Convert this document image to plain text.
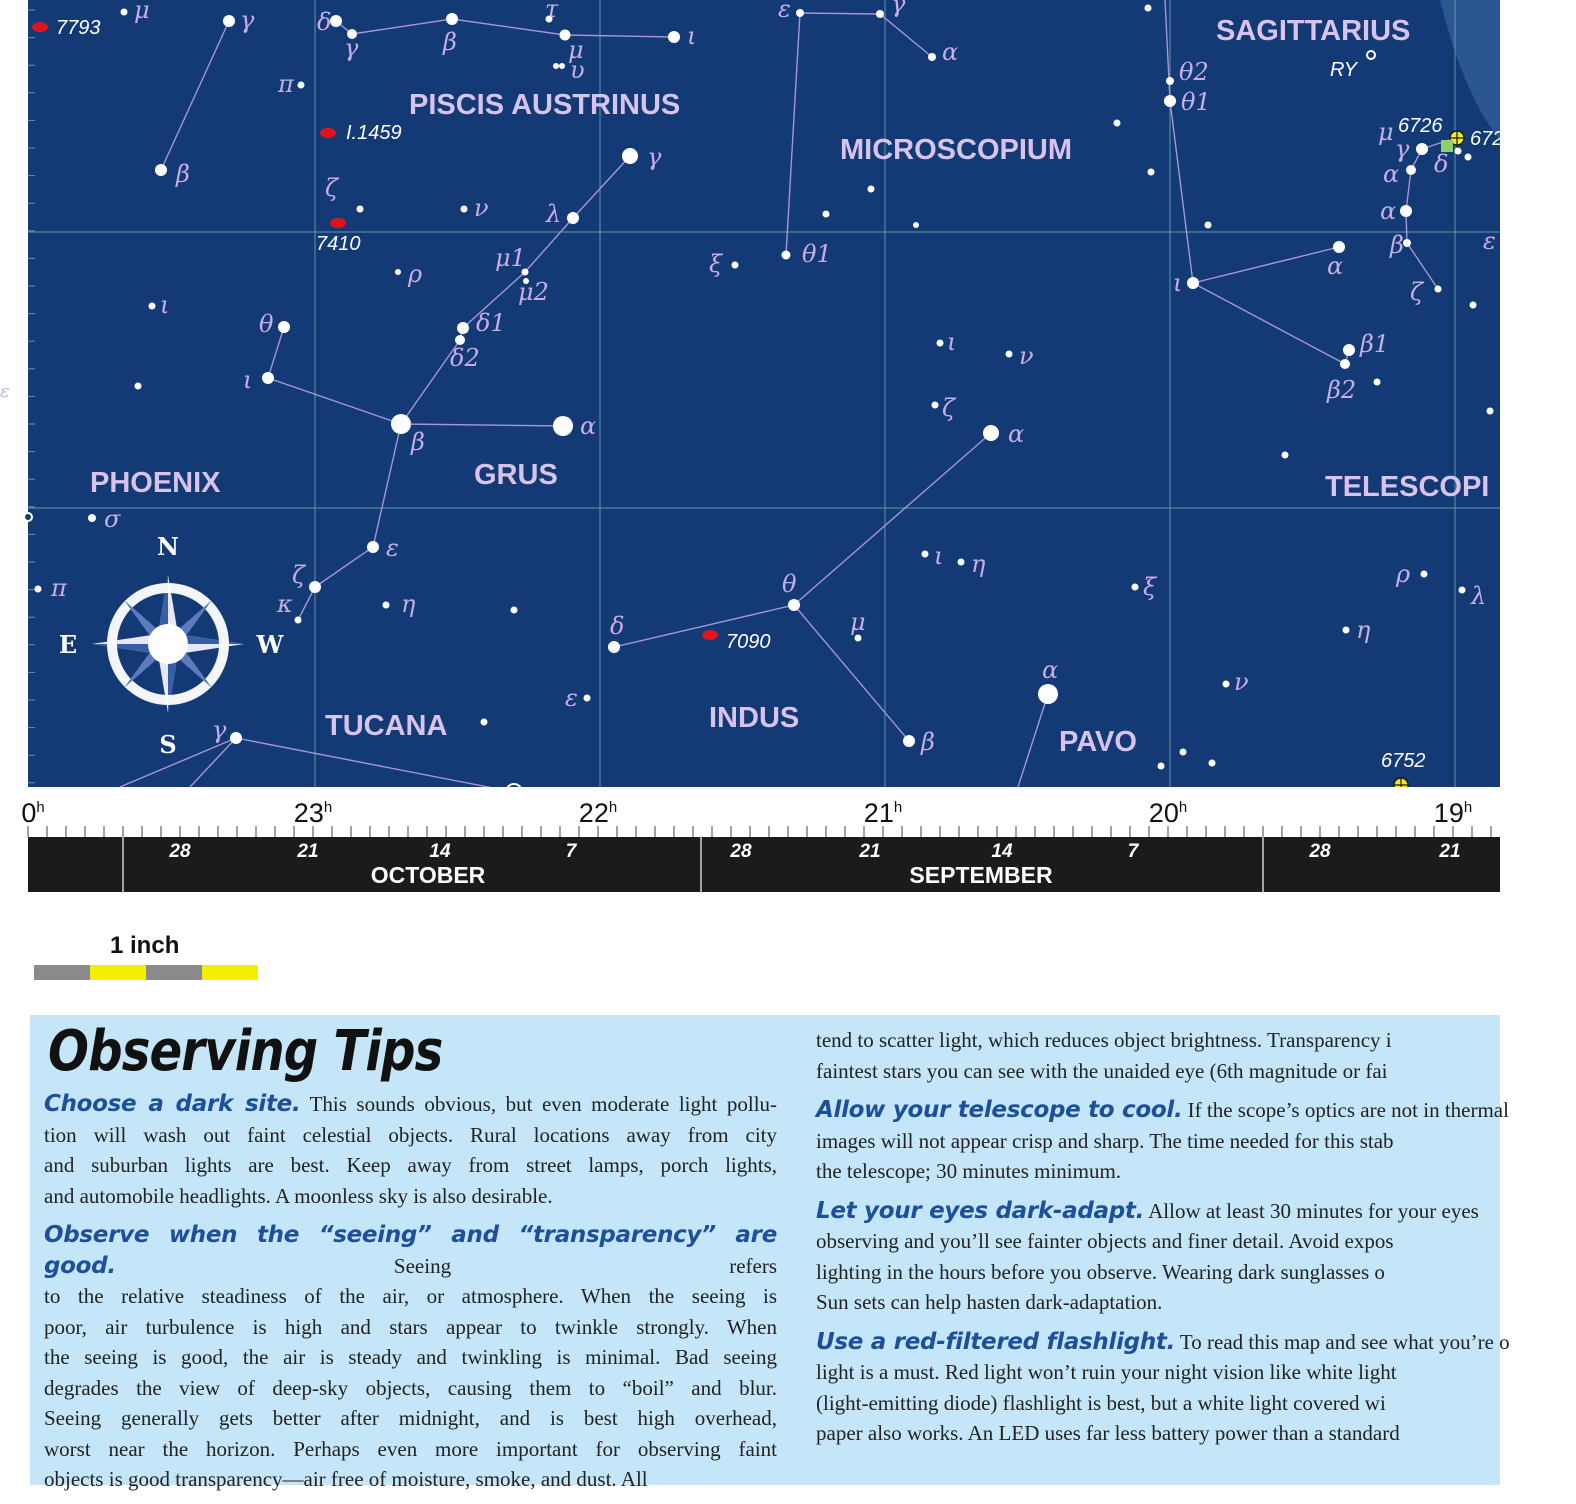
PISCIS AUSTRINUS
MICROSCOPIUM
SAGITTARIUS
PHOENIX	GRUS	TELESCOPI
TUCANA	INDUS
PAVO
μ	γ	δ
γ	β
τ
μ
υ
ι
ε	γ
α
θ2
θ1
π
β	ζ
ν λ
γ
μ1
μ2
ξ	θ1
ρ
ι
θ
ι
δ1
δ2
β
α
ι	ν
ζ
α
ι
α
β1
β2
σ
π	ζ
κ
ε
η
θ
ι η
ξ	ρ
λ
η
δ	μ
α	ν
ε
γ	β
α
γ
α
β
δ
ζ
ε
μ
7793
I.1459
7410
7090
6726
672
6752
RY
N
S
E	W
5
0
5
0
5
0
ε
0$^h$	23$^h$	22$^h$	21$^h$	20$^h$	19$^h$
28	21	14	7	28	21	14	7	28	21
OCTOBER	SEPTEMBER
1 inch
Observing Tips

Choose a dark site. This sounds obvious, but even moderate light pollu-
tion will wash out faint celestial objects. Rural locations away from city
and suburban lights are best. Keep away from street lamps, porch lights,
and automobile headlights. A moonless sky is also desirable.

Observe when the “seeing” and “transparency” are good.	Seeing refers
to the relative steadiness of the air, or atmosphere. When the seeing is
poor, air turbulence is high and stars appear to twinkle strongly. When
the seeing is good, the air is steady and twinkling is minimal. Bad seeing
degrades the view of deep-sky objects, causing them to “boil” and blur.
Seeing generally gets better after midnight, and is best high overhead,
worst near the horizon. Perhaps even more important for observing faint
objects is good transparency—air free of moisture, smoke, and dust. All

tend to scatter light, which reduces object brightness. Transparency i
faintest stars you can see with the unaided eye (6th magnitude or fai

Allow your telescope to cool. If the scope’s optics are not in thermal
images will not appear crisp and sharp. The time needed for this stab
the telescope; 30 minutes minimum.

Let your eyes dark-adapt. Allow at least 30 minutes for your eyes
observing and you’ll see fainter objects and finer detail. Avoid expos
lighting in the hours before you observe. Wearing dark sunglasses o
Sun sets can help hasten dark-adaptation.

Use a red-filtered flashlight. To read this map and see what you’re o
light is a must. Red light won’t ruin your night vision like white light
(light-emitting diode) flashlight is best, but a white light covered wi
paper also works. An LED uses far less battery power than a standard
